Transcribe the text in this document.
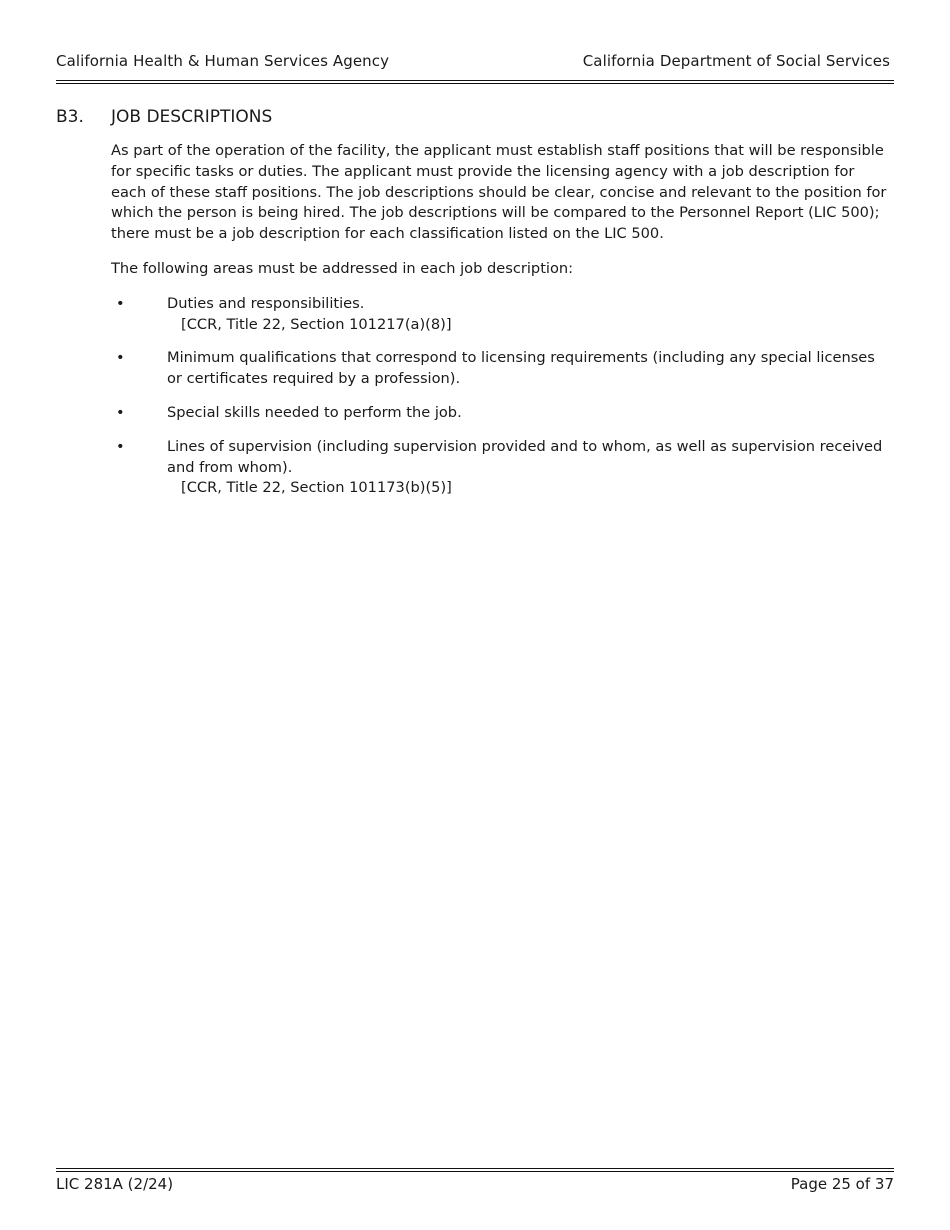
California Health & Human Services Agency	California Department of Social Services
B3.	JOB DESCRIPTIONS

As part of the operation of the facility, the applicant must establish staff positions that will be responsible for specific tasks or duties. The applicant must provide the licensing agency with a job description for each of these staff positions. The job descriptions should be clear, concise and relevant to the position for which the person is being hired. The job descriptions will be compared to the Personnel Report (LIC 500); there must be a job description for each classification listed on the LIC 500.

The following areas must be addressed in each job description:

•	Duties and responsibilities.
[CCR, Title 22, Section 101217(a)(8)]
•	Minimum qualifications that correspond to licensing requirements (including any special licenses or certificates required by a profession).
•	Special skills needed to perform the job.
•	Lines of supervision (including supervision provided and to whom, as well as supervision received and from whom).
[CCR, Title 22, Section 101173(b)(5)]
LIC 281A (2/24)	Page 25 of 37
